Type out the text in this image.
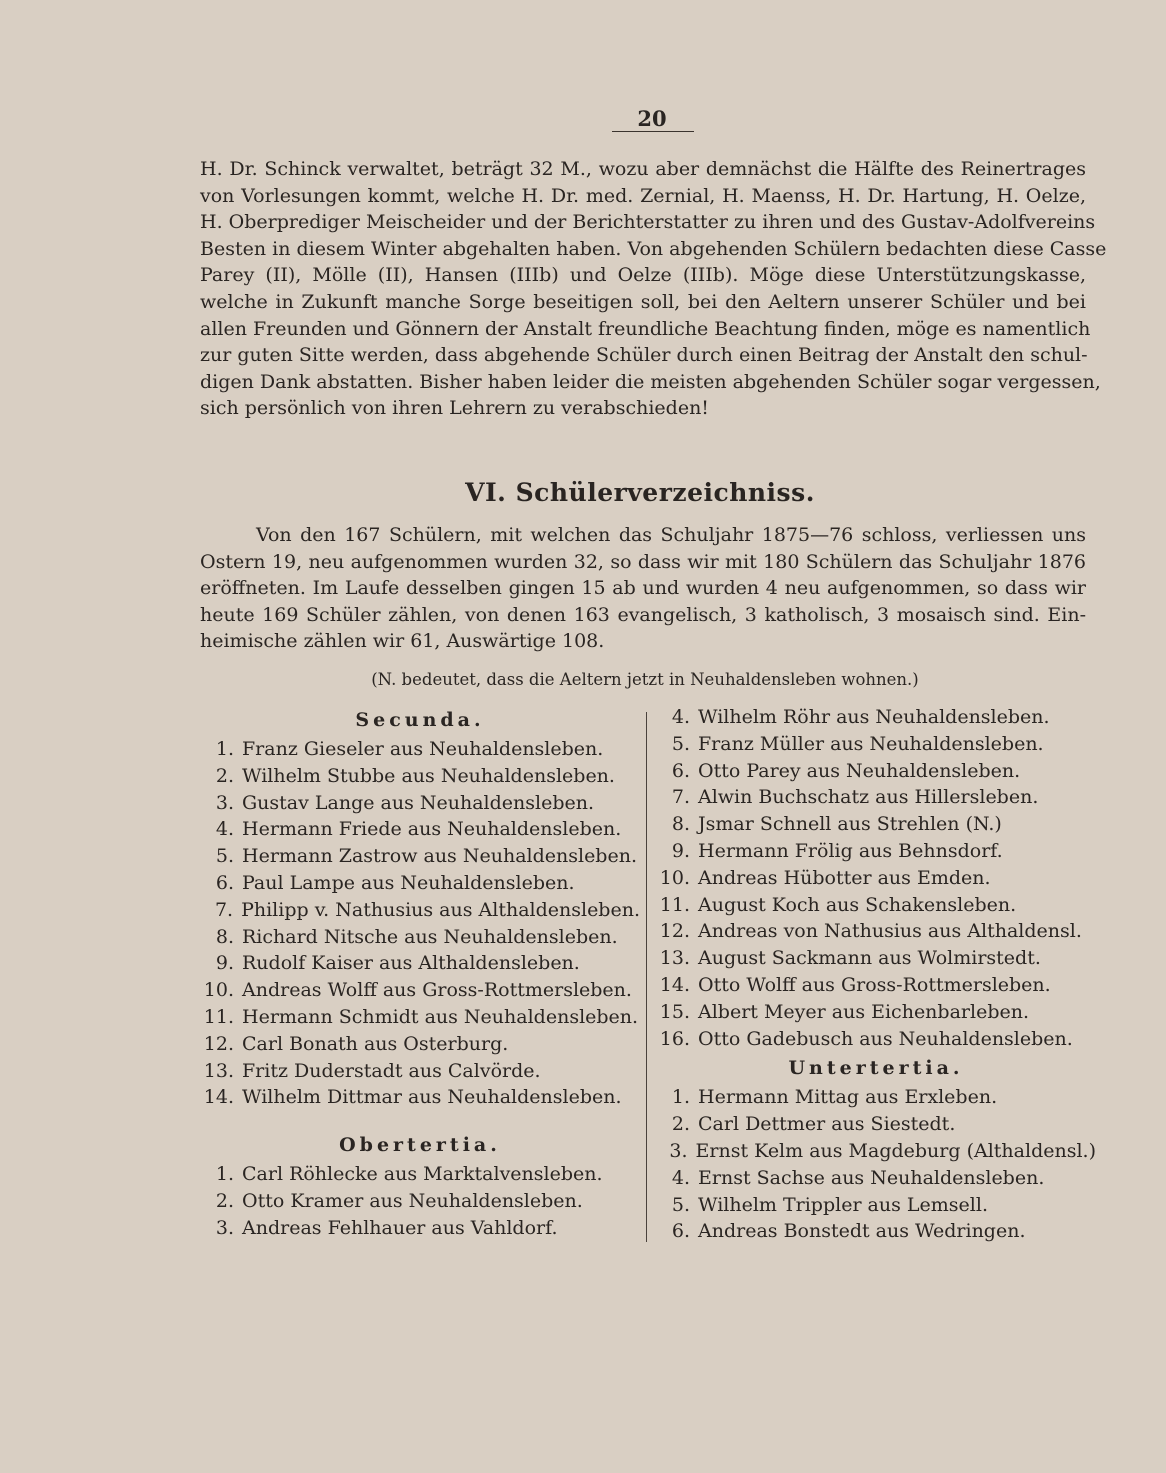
20
H. Dr. Schinck verwaltet, beträgt 32 M., wozu aber demnächst die Hälfte des Reinertrages
von Vorlesungen kommt, welche H. Dr. med. Zernial, H. Maenss, H. Dr. Hartung, H. Oelze,
H. Oberprediger Meischeider und der Berichterstatter zu ihren und des Gustav-Adolfvereins
Besten in diesem Winter abgehalten haben. Von abgehenden Schülern bedachten diese Casse
Parey (II), Mölle (II), Hansen (IIIb) und Oelze (IIIb). Möge diese Unterstützungskasse,
welche in Zukunft manche Sorge beseitigen soll, bei den Aeltern unserer Schüler und bei
allen Freunden und Gönnern der Anstalt freundliche Beachtung finden, möge es namentlich
zur guten Sitte werden, dass abgehende Schüler durch einen Beitrag der Anstalt den schul-
digen Dank abstatten. Bisher haben leider die meisten abgehenden Schüler sogar vergessen,
sich persönlich von ihren Lehrern zu verabschieden!
VI. Schülerverzeichniss.
Von den 167 Schülern, mit welchen das Schuljahr 1875—76 schloss, verliessen uns
Ostern 19, neu aufgenommen wurden 32, so dass wir mit 180 Schülern das Schuljahr 1876
eröffneten. Im Laufe desselben gingen 15 ab und wurden 4 neu aufgenommen, so dass wir
heute 169 Schüler zählen, von denen 163 evangelisch, 3 katholisch, 3 mosaisch sind. Ein-
heimische zählen wir 61, Auswärtige 108.
(N. bedeutet, dass die Aeltern jetzt in Neuhaldensleben wohnen.)
Secunda.
1. Franz Gieseler aus Neuhaldensleben.
2. Wilhelm Stubbe aus Neuhaldensleben.
3. Gustav Lange aus Neuhaldensleben.
4. Hermann Friede aus Neuhaldensleben.
5. Hermann Zastrow aus Neuhaldensleben.
6. Paul Lampe aus Neuhaldensleben.
7. Philipp v. Nathusius aus Althaldensleben.
8. Richard Nitsche aus Neuhaldensleben.
9. Rudolf Kaiser aus Althaldensleben.
10. Andreas Wolff aus Gross-Rottmersleben.
11. Hermann Schmidt aus Neuhaldensleben.
12. Carl Bonath aus Osterburg.
13. Fritz Duderstadt aus Calvörde.
14. Wilhelm Dittmar aus Neuhaldensleben.
Obertertia.
1. Carl Röhlecke aus Marktalvensleben.
2. Otto Kramer aus Neuhaldensleben.
3. Andreas Fehlhauer aus Vahldorf.
4. Wilhelm Röhr aus Neuhaldensleben.
5. Franz Müller aus Neuhaldensleben.
6. Otto Parey aus Neuhaldensleben.
7. Alwin Buchschatz aus Hillersleben.
8. Jsmar Schnell aus Strehlen (N.)
9. Hermann Frölig aus Behnsdorf.
10. Andreas Hübotter aus Emden.
11. August Koch aus Schakensleben.
12. Andreas von Nathusius aus Althaldensl.
13. August Sackmann aus Wolmirstedt.
14. Otto Wolff aus Gross-Rottmersleben.
15. Albert Meyer aus Eichenbarleben.
16. Otto Gadebusch aus Neuhaldensleben.
Untertertia.
1. Hermann Mittag aus Erxleben.
2. Carl Dettmer aus Siestedt.
3. Ernst Kelm aus Magdeburg (Althaldensl.)
4. Ernst Sachse aus Neuhaldensleben.
5. Wilhelm Trippler aus Lemsell.
6. Andreas Bonstedt aus Wedringen.
